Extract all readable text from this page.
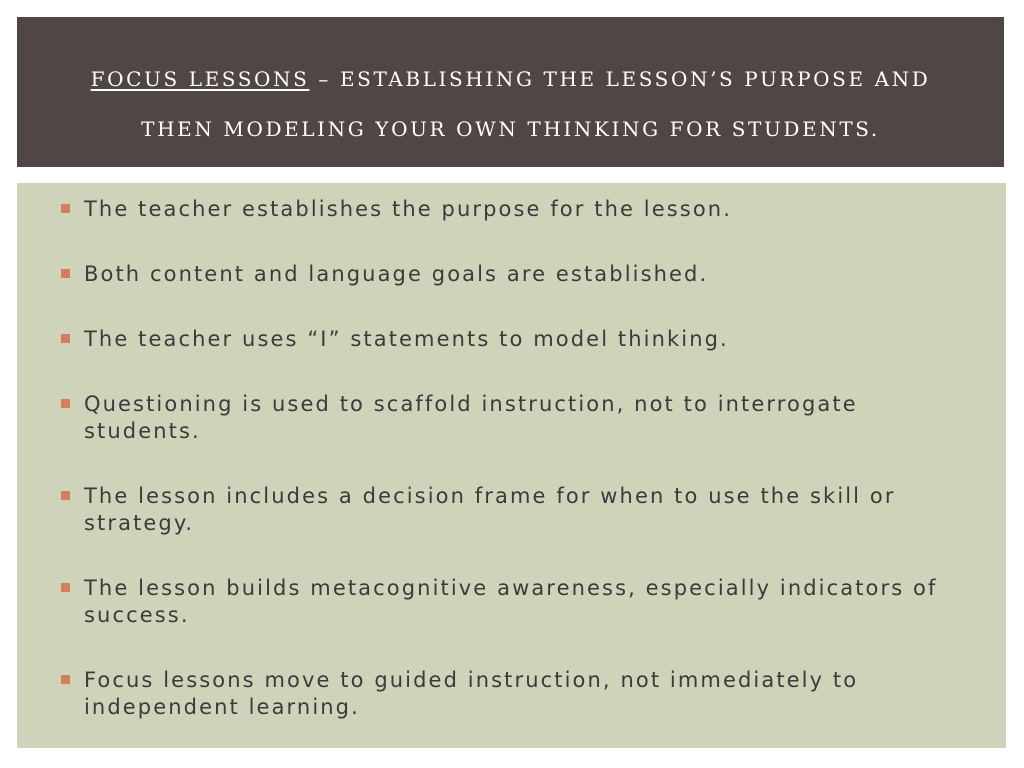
FOCUS LESSONS – ESTABLISHING THE LESSON’S PURPOSE AND

THEN MODELING YOUR OWN THINKING FOR STUDENTS.

The teacher establishes the purpose for the lesson.
Both content and language goals are established.
The teacher uses “I” statements to model thinking.
Questioning is used to scaffold instruction, not to interrogate students.
The lesson includes a decision frame for when to use the skill or strategy.
The lesson builds metacognitive awareness, especially indicators of success.
Focus lessons move to guided instruction, not immediately to independent learning.
